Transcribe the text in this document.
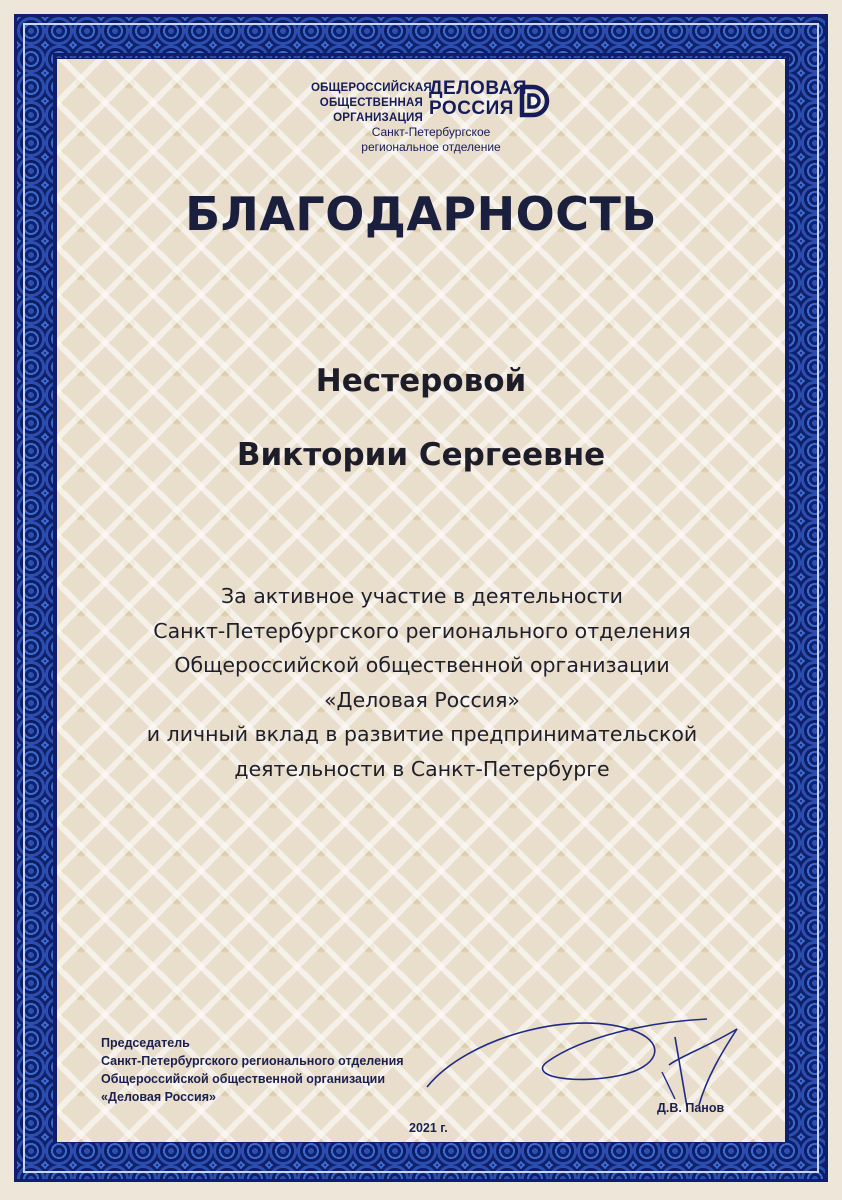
ОБЩЕРОССИЙСКАЯ
ОБЩЕСТВЕННАЯ
ОРГАНИЗАЦИЯ
ДЕЛОВАЯ
РОССИЯ
Санкт-Петербургское
региональное отделение
БЛАГОДАРНОСТЬ
Нестеровой
Виктории Сергеевне
За активное участие в деятельности
Санкт-Петербургского регионального отделения
Общероссийской общественной организации
«Деловая Россия»
и личный вклад в развитие предпринимательской
деятельности в Санкт-Петербурге
Председатель
Санкт-Петербургского регионального отделения
Общероссийской общественной организации
«Деловая Россия»
2021 г.
Д.В. Панов
